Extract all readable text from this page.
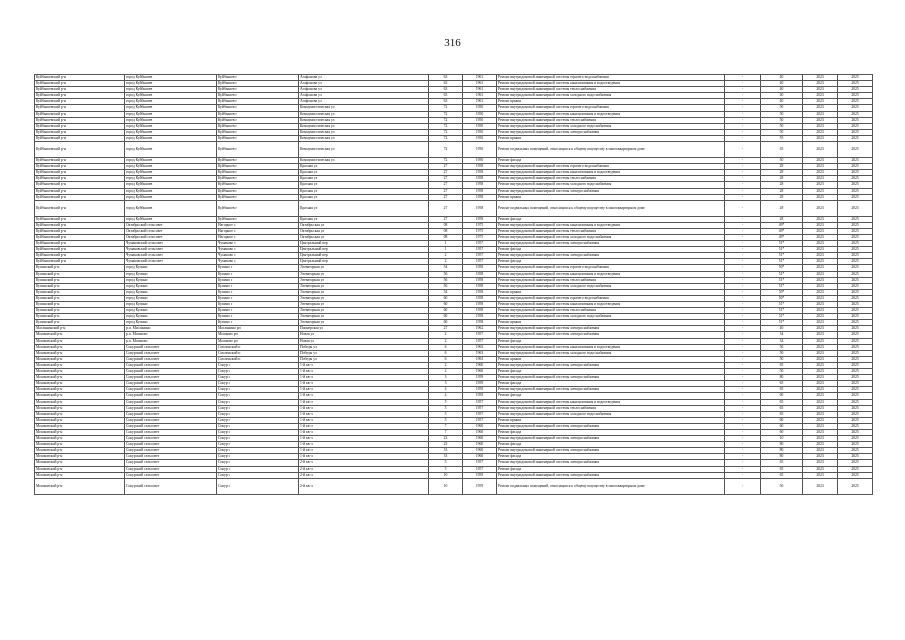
316
Куйбышевский р-н	город Куйбышев	Куйбышев г	Агафонова ул	63	1961	Ремонт внутридомовой инженерной системы горячего водоснабжения	-	40	2023	2025
Куйбышевский р-н	город Куйбышев	Куйбышев г	Агафонова ул	63	1961	Ремонт внутридомовой инженерной системы канализования и водоотведения	-	40	2023	2025
Куйбышевский р-н	город Куйбышев	Куйбышев г	Агафонова ул	63	1961	Ремонт внутридомовой инженерной системы теплоснабжения	-	40	2023	2025
Куйбышевский р-н	город Куйбышев	Куйбышев г	Агафонова ул	63	1961	Ремонт внутридомовой инженерной системы холодного водоснабжения	-	40	2023	2025
Куйбышевский р-н	город Куйбышев	Куйбышев г	Агафонова ул	63	1961	Ремонт крыши	-	40	2023	2025
Куйбышевский р-н	город Куйбышев	Куйбышев г	Коммунистическая ул	72	1950	Ремонт внутридомовой инженерной системы горячего водоснабжения	-	50	2023	2025
Куйбышевский р-н	город Куйбышев	Куйбышев г	Коммунистическая ул	72	1950	Ремонт внутридомовой инженерной системы канализования и водоотведения	-	50	2023	2025
Куйбышевский р-н	город Куйбышев	Куйбышев г	Коммунистическая ул	72	1950	Ремонт внутридомовой инженерной системы теплоснабжения	-	50	2023	2025
Куйбышевский р-н	город Куйбышев	Куйбышев г	Коммунистическая ул	72	1950	Ремонт внутридомовой инженерной системы холодного водоснабжения	-	50	2023	2025
Куйбышевский р-н	город Куйбышев	Куйбышев г	Коммунистическая ул	72	1950	Ремонт внутридомовой инженерной системы электроснабжения	-	50	2023	2025
Куйбышевский р-н	город Куйбышев	Куйбышев г	Коммунистическая ул	72	1950	Ремонт крыши	-	55	2023	2025
Куйбышевский р-н	город Куйбышев	Куйбышев г	Коммунистическая ул	72	1950	Ремонт подвальных помещений, относящихся к общему имуществу в многоквартирном доме	-	45	2023	2025
Куйбышевский р-н	город Куйбышев	Куйбышев г	Коммунистическая ул	72	1950	Ремонт фасада	-	50	2023	2025
Куйбышевский р-н	город Куйбышев	Куйбышев г	Красная ул	27	1958	Ремонт внутридомовой инженерной системы горячего водоснабжения	-	28	2023	2025
Куйбышевский р-н	город Куйбышев	Куйбышев г	Красная ул	27	1958	Ремонт внутридомовой инженерной системы канализования и водоотведения	-	28	2023	2025
Куйбышевский р-н	город Куйбышев	Куйбышев г	Красная ул	27	1958	Ремонт внутридомовой инженерной системы теплоснабжения	-	28	2023	2025
Куйбышевский р-н	город Куйбышев	Куйбышев г	Красная ул	27	1958	Ремонт внутридомовой инженерной системы холодного водоснабжения	-	28	2023	2025
Куйбышевский р-н	город Куйбышев	Куйбышев г	Красная ул	27	1958	Ремонт внутридомовой инженерной системы электроснабжения	-	28	2023	2025
Куйбышевский р-н	город Куйбышев	Куйбышев г	Красная ул	27	1958	Ремонт крыши	-	28	2023	2025
Куйбышевский р-н	город Куйбышев	Куйбышев г	Красная ул	27	1958	Ремонт подвальных помещений, относящихся к общему имуществу в многоквартирном доме	-	28	2023	2025
Куйбышевский р-н	город Куйбышев	Куйбышев г	Красная ул	27	1958	Ремонт фасада	-	28	2023	2025
Куйбышевский р-н	Октябрьский сельсовет	Нагорное с	Октябрьская ул	08	1975	Ремонт внутридомовой инженерной системы канализования и водоотведения	-	49*	2023	2025
Куйбышевский р-н	Октябрьский сельсовет	Нагорное с	Октябрьская ул	08	1975	Ремонт внутридомовой инженерной системы теплоснабжения	-	49*	2023	2025
Куйбышевский р-н	Октябрьский сельсовет	Нагорное с	Октябрьская ул	08	1975	Ремонт внутридомовой инженерной системы холодного водоснабжения	-	49*	2023	2025
Куйбышевский р-н	Чумаковский сельсовет	Чумаково с	Центральный пер	1	1957	Ремонт внутридомовой инженерной системы электроснабжения	-	51*	2023	2025
Куйбышевский р-н	Чумаковский сельсовет	Чумаково с	Центральный пер	1	1957	Ремонт фасада	-	51*	2023	2025
Куйбышевский р-н	Чумаковский сельсовет	Чумаково с	Центральный пер	2	1957	Ремонт внутридомовой инженерной системы электроснабжения	-	51*	2023	2025
Куйбышевский р-н	Чумаковский сельсовет	Чумаково с	Центральный пер	2	1957	Ремонт фасада	-	51*	2023	2025
Купинский р-н	город Купино	Купино г	Элеваторная ул	54	1958	Ремонт внутридомовой инженерной системы горячего водоснабжения	-	50*	2023	2025
Купинский р-н	город Купино	Купино г	Элеваторная ул	56	1958	Ремонт внутридомовой инженерной системы канализования и водоотведения	-	51*	2023	2025
Купинский р-н	город Купино	Купино г	Элеваторная ул	56	1958	Ремонт внутридомовой инженерной системы теплоснабжения	-	51*	2023	2025
Купинский р-н	город Купино	Купино г	Элеваторная ул	56	1958	Ремонт внутридомовой инженерной системы холодного водоснабжения	-	51*	2023	2025
Купинский р-н	город Купино	Купино г	Элеваторная ул	54	1958	Ремонт крыши	-	50*	2023	2025
Купинский р-н	город Купино	Купино г	Элеваторная ул	60	1958	Ремонт внутридомовой инженерной системы горячего водоснабжения	-	50*	2023	2025
Купинский р-н	город Купино	Купино г	Элеваторная ул	60	1958	Ремонт внутридомовой инженерной системы канализования и водоотведения	-	51*	2023	2025
Купинский р-н	город Купино	Купино г	Элеваторная ул	60	1958	Ремонт внутридомовой инженерной системы теплоснабжения	-	51*	2023	2025
Купинский р-н	город Купино	Купино г	Элеваторная ул	60	1958	Ремонт внутридомовой инженерной системы холодного водоснабжения	-	51*	2023	2025
Купинский р-н	город Купино	Купино г	Элеваторная ул	60	1958	Ремонт крыши	-	51*	2023	2025
Маслянинский р-н	р.п. Маслянино	Маслянино рп	Пионерская ул	27	1962	Ремонт внутридомовой инженерной системы электроснабжения	-	40	2023	2025
Мошковский р-н	р.п. Мошково	Мошково рп	Новая ул	2	1957	Ремонт внутридомовой инженерной системы электроснабжения	-	34	2023	2025
Мошковский р-н	р.п. Мошково	Мошково рп	Новая ул	2	1957	Ремонт фасада	-	34	2023	2025
Мошковский р-н	Сокурский сельсовет	Смоленский п	Победы ул	6	1963	Ремонт внутридомовой инженерной системы канализования и водоотведения	-	50	2023	2025
Мошковский р-н	Сокурский сельсовет	Смоленский п	Победы ул	6	1963	Ремонт внутридомовой инженерной системы холодного водоснабжения	-	50	2023	2025
Мошковский р-н	Сокурский сельсовет	Смоленский п	Победы ул	6	1963	Ремонт крыши	-	50	2023	2025
Мошковский р-н	Сокурский сельсовет	Сокур с	1-й кв-л	2	1960	Ремонт внутридомовой инженерной системы электроснабжения	-	65	2023	2025
Мошковский р-н	Сокурский сельсовет	Сокур с	1-й кв-л	2	1960	Ремонт фасада	-	50	2023	2025
Мошковский р-н	Сокурский сельсовет	Сокур с	1-й кв-л	3	1959	Ремонт внутридомовой инженерной системы электроснабжения	-	80	2023	2025
Мошковский р-н	Сокурский сельсовет	Сокур с	1-й кв-л	3	1959	Ремонт фасада	-	65	2023	2025
Мошковский р-н	Сокурский сельсовет	Сокур с	1-й кв-л	4	1959	Ремонт внутридомовой инженерной системы электроснабжения	-	65	2023	2025
Мошковский р-н	Сокурский сельсовет	Сокур с	1-й кв-л	4	1959	Ремонт фасада	-	60	2023	2025
Мошковский р-н	Сокурский сельсовет	Сокур с	1-й кв-л	5	1957	Ремонт внутридомовой инженерной системы канализования и водоотведения	-	65	2023	2025
Мошковский р-н	Сокурский сельсовет	Сокур с	1-й кв-л	5	1957	Ремонт внутридомовой инженерной системы теплоснабжения	-	65	2023	2025
Мошковский р-н	Сокурский сельсовет	Сокур с	1-й кв-л	5	1957	Ремонт внутридомовой инженерной системы холодного водоснабжения	-	65	2023	2025
Мошковский р-н	Сокурский сельсовет	Сокур с	1-й кв-л	5	1957	Ремонт крыши	-	60	2023	2025
Мошковский р-н	Сокурский сельсовет	Сокур с	1-й кв-л	7	1960	Ремонт внутридомовой инженерной системы электроснабжения	-	60	2023	2025
Мошковский р-н	Сокурский сельсовет	Сокур с	1-й кв-л	7	1960	Ремонт фасада	-	60	2023	2025
Мошковский р-н	Сокурский сельсовет	Сокур с	1-й кв-л	23	1960	Ремонт внутридомовой инженерной системы электроснабжения	-	10	2023	2025
Мошковский р-н	Сокурский сельсовет	Сокур с	1-й кв-л	23	1960	Ремонт фасада	-	80	2023	2025
Мошковский р-н	Сокурский сельсовет	Сокур с	1-й кв-л	33	1960	Ремонт внутридомовой инженерной системы электроснабжения	-	80	2023	2025
Мошковский р-н	Сокурский сельсовет	Сокур с	1-й кв-л	33	1960	Ремонт фасада	-	80	2023	2025
Мошковский р-н	Сокурский сельсовет	Сокур с	2-й кв-л	5	1957	Ремонт внутридомовой инженерной системы электроснабжения	-	65	2023	2025
Мошковский р-н	Сокурский сельсовет	Сокур с	2-й кв-л	5	1957	Ремонт фасада	-	65	2023	2025
Мошковский р-н	Сокурский сельсовет	Сокур с	2-й кв-л	10	1959	Ремонт внутридомовой инженерной системы электроснабжения	-	65	2023	2025
Мошковский р-н	Сокурский сельсовет	Сокур с	2-й кв-л	10	1959	Ремонт подвальных помещений, относящихся к общему имуществу в многоквартирном доме	-	50	2023	2025
